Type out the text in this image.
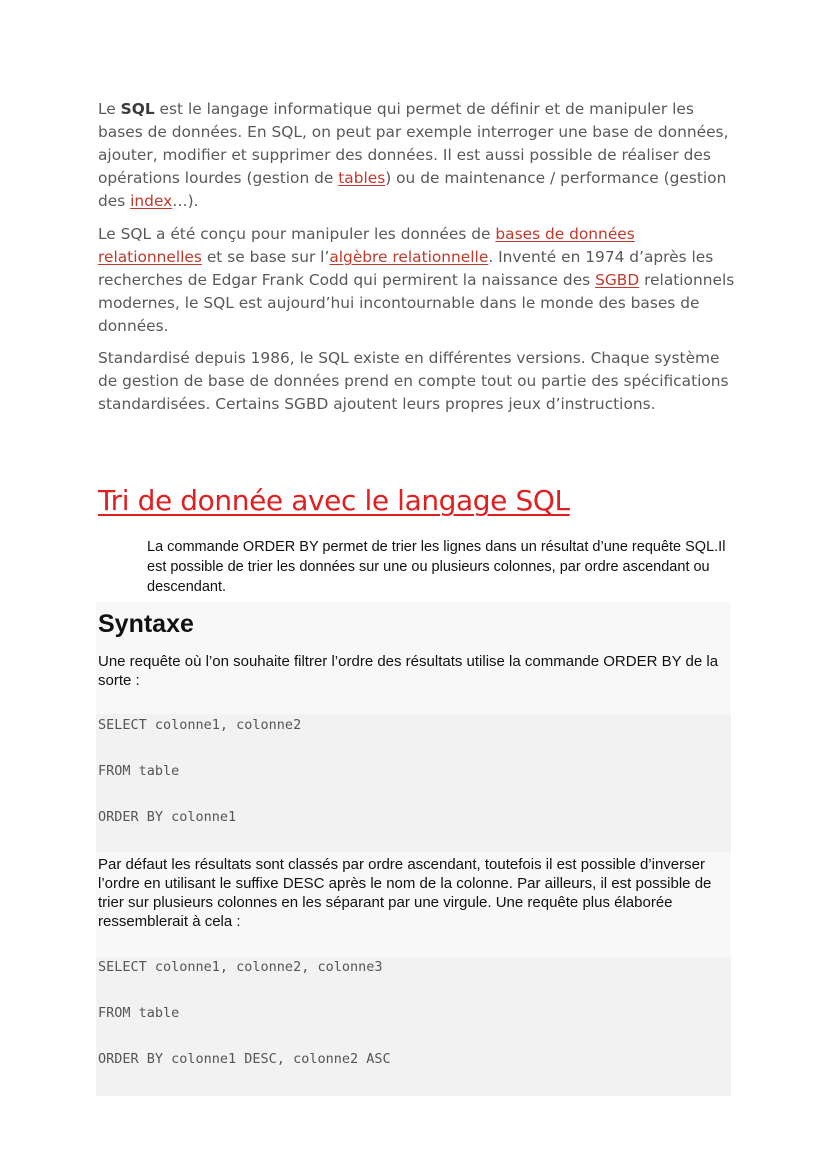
Le SQL est le langage informatique qui permet de définir et de manipuler les bases de données. En SQL, on peut par exemple interroger une base de données, ajouter, modifier et supprimer des données. Il est aussi possible de réaliser des opérations lourdes (gestion de tables) ou de maintenance / performance (gestion des index…).

Le SQL a été conçu pour manipuler les données de bases de données relationnelles et se base sur l’algèbre relationnelle. Inventé en 1974 d’après les recherches de Edgar Frank Codd qui permirent la naissance des SGBD relationnels modernes, le SQL est aujourd’hui incontournable dans le monde des bases de données.

Standardisé depuis 1986, le SQL existe en différentes versions. Chaque système de gestion de base de données prend en compte tout ou partie des spécifications standardisées. Certains SGBD ajoutent leurs propres jeux d’instructions.

Tri de donnée avec le langage SQL

La commande ORDER BY permet de trier les lignes dans un résultat d’une requête SQL.Il est possible de trier les données sur une ou plusieurs colonnes, par ordre ascendant ou descendant.

Syntaxe

Une requête où l’on souhaite filtrer l’ordre des résultats utilise la commande ORDER BY de la sorte :

SELECT colonne1, colonne2
FROM table
ORDER BY colonne1

Par défaut les résultats sont classés par ordre ascendant, toutefois il est possible d’inverser l’ordre en utilisant le suffixe DESC après le nom de la colonne. Par ailleurs, il est possible de trier sur plusieurs colonnes en les séparant par une virgule. Une requête plus élaborée ressemblerait à cela :

SELECT colonne1, colonne2, colonne3
FROM table
ORDER BY colonne1 DESC, colonne2 ASC
